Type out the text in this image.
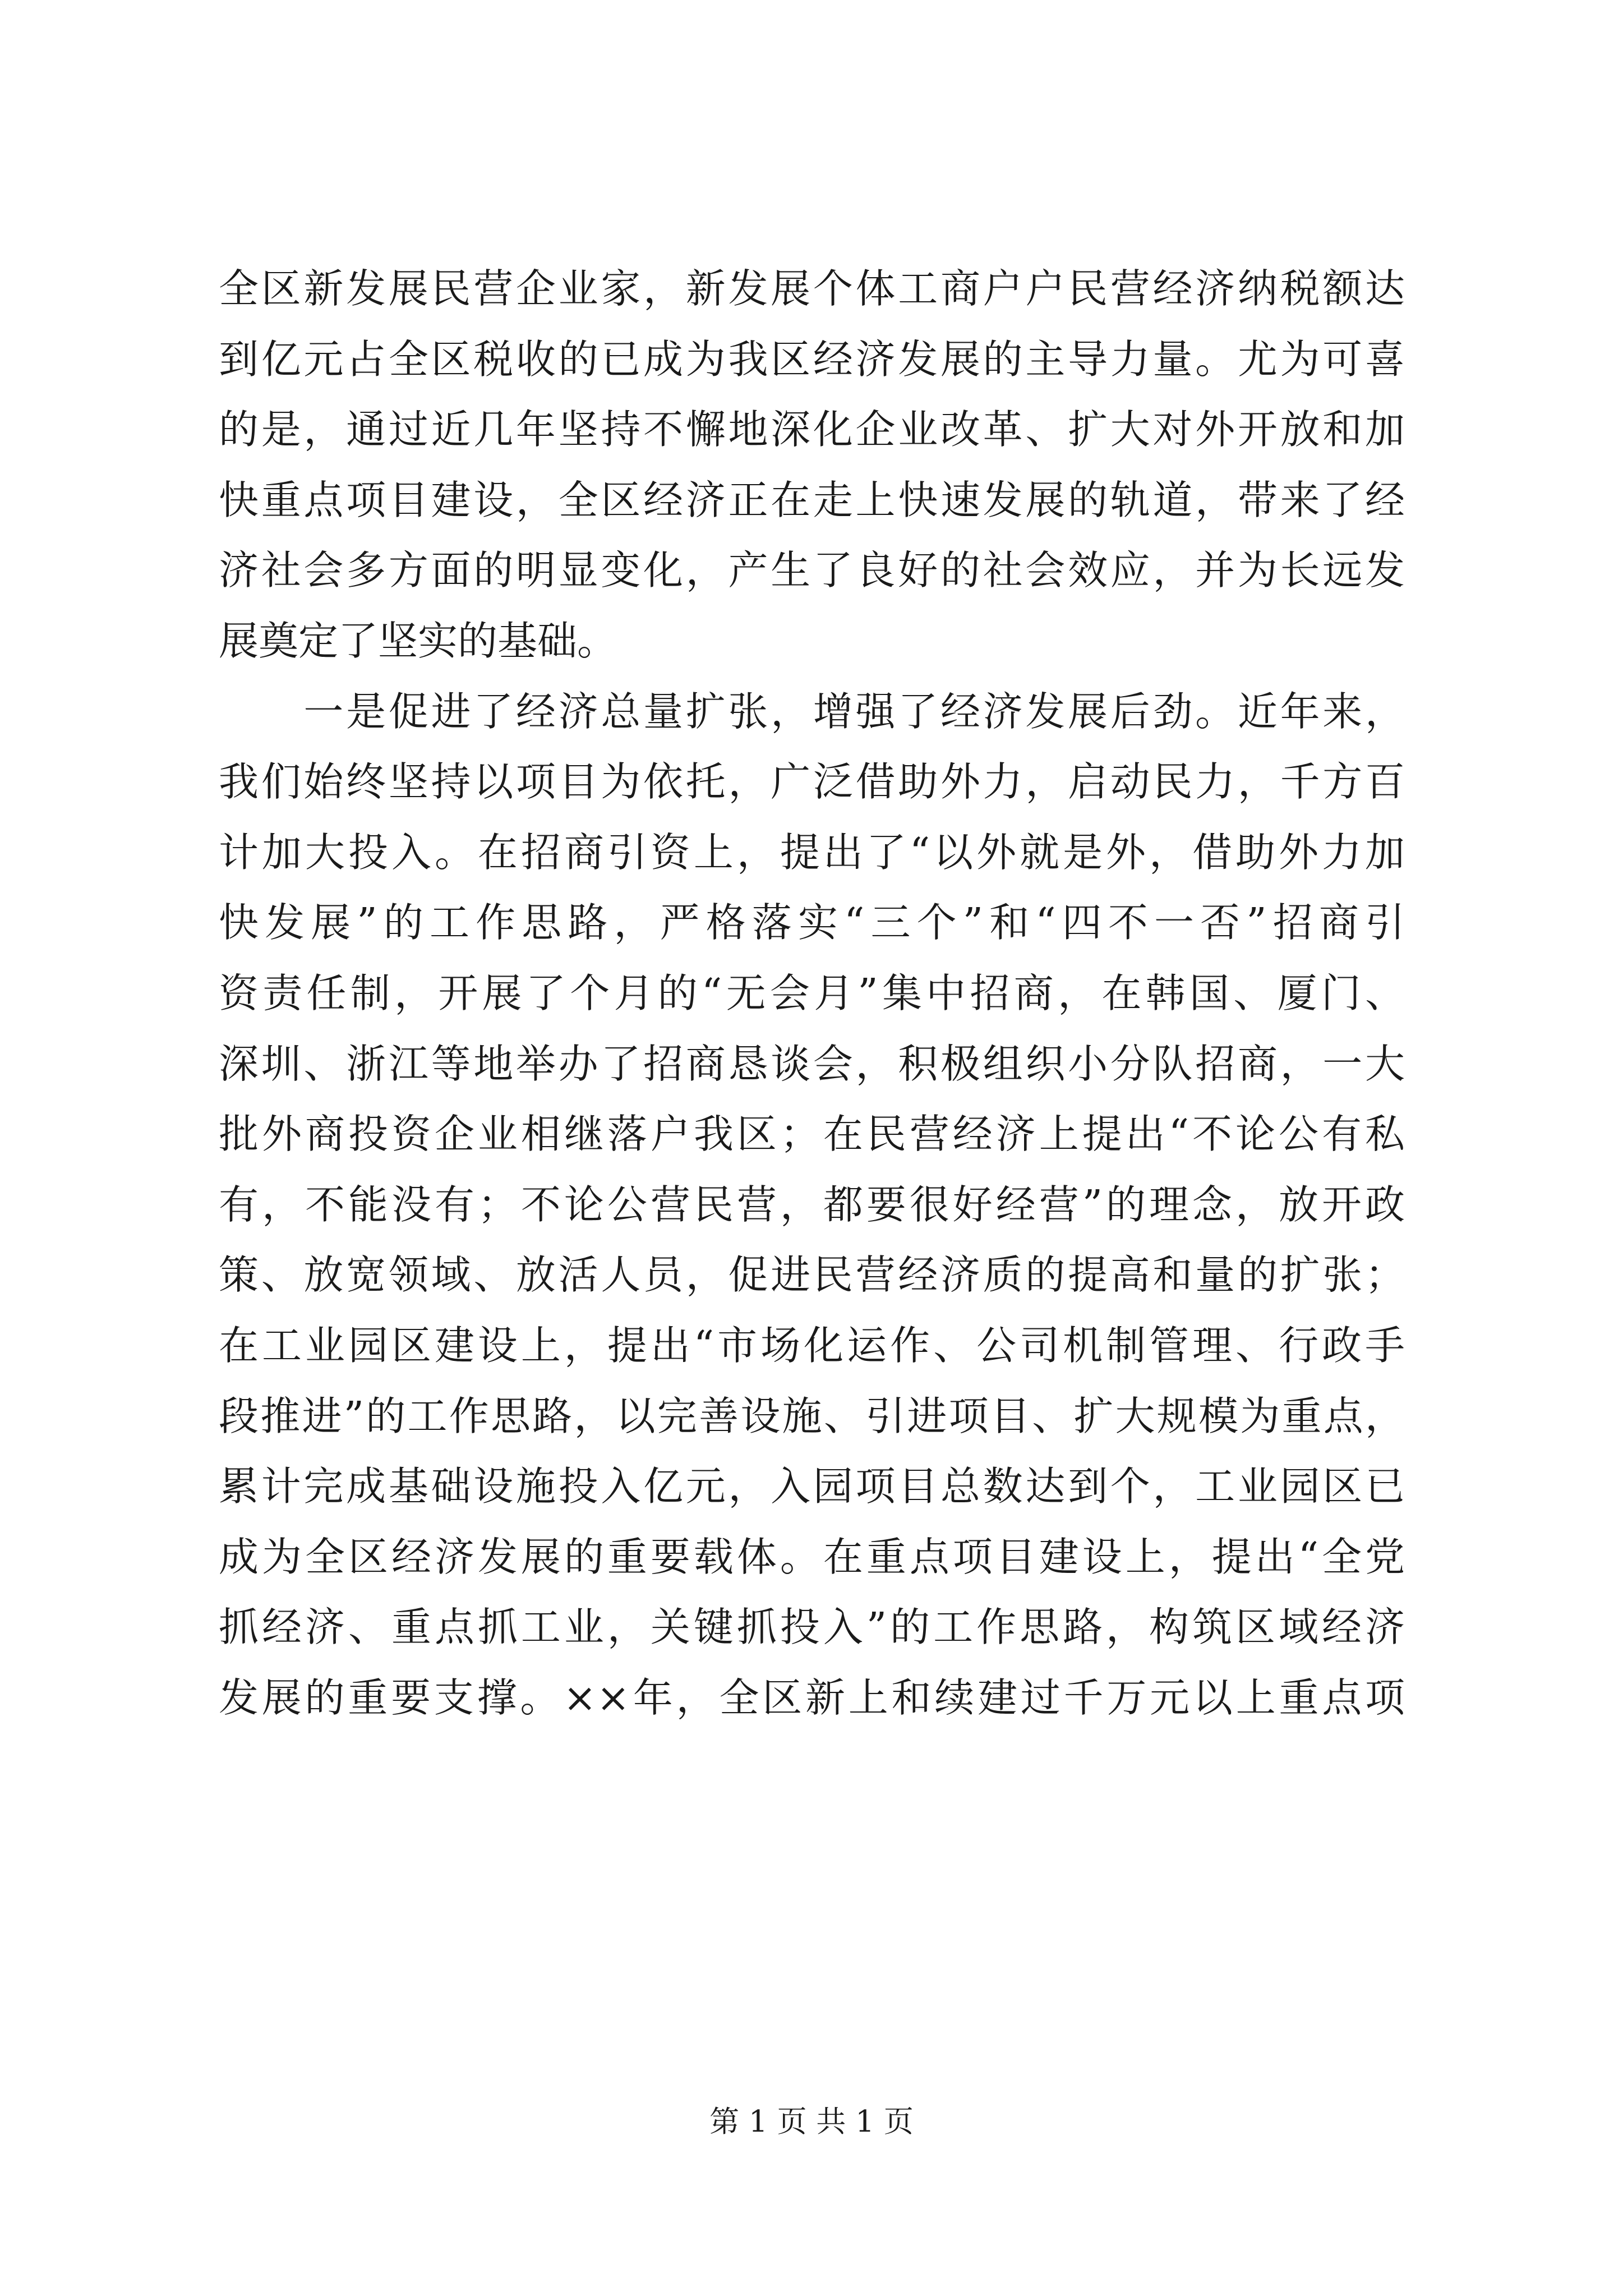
全区新发展民营企业家，新发展个体工商户户民营经济纳税额达
到亿元占全区税收的已成为我区经济发展的主导力量。尤为可喜
的是，通过近几年坚持不懈地深化企业改革、扩大对外开放和加
快重点项目建设，全区经济正在走上快速发展的轨道，带来了经
济社会多方面的明显变化，产生了良好的社会效应，并为长远发
展奠定了坚实的基础。
　　一是促进了经济总量扩张，增强了经济发展后劲。近年来，
我们始终坚持以项目为依托，广泛借助外力，启动民力，千方百
计加大投入。在招商引资上，提出了“以外就是外，借助外力加
快发展”的工作思路，严格落实“三个”和“四不一否”招商引
资责任制，开展了个月的“无会月”集中招商，在韩国、厦门、
深圳、浙江等地举办了招商恳谈会，积极组织小分队招商，一大
批外商投资企业相继落户我区；在民营经济上提出“不论公有私
有，不能没有；不论公营民营，都要很好经营”的理念，放开政
策、放宽领域、放活人员，促进民营经济质的提高和量的扩张；
在工业园区建设上，提出“市场化运作、公司机制管理、行政手
段推进”的工作思路，以完善设施、引进项目、扩大规模为重点，
累计完成基础设施投入亿元，入园项目总数达到个，工业园区已
成为全区经济发展的重要载体。在重点项目建设上，提出“全党
抓经济、重点抓工业，关键抓投入”的工作思路，构筑区域经济
发展的重要支撑。××年，全区新上和续建过千万元以上重点项
第 1 页 共 1 页
